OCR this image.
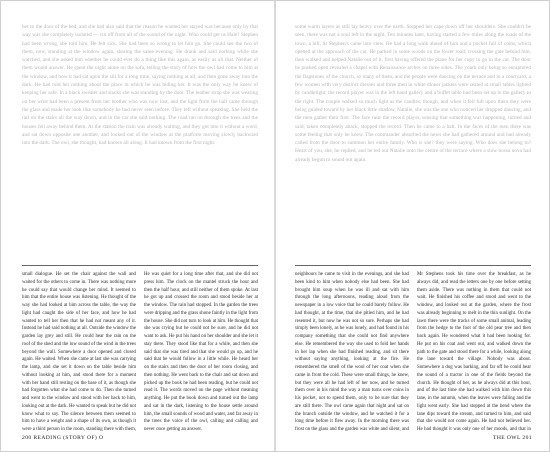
her to the door of the bed, and she had also said that the reason he wanted her stayed was because only by that way was she completely isolated — cut off from all of the sound of the night. Who could get us Hale? Stephen had been wrong, she told him. He felt sick. She had been so wrong to let him go. She could see the two of them, now, standing at the window again, sharing the same evening. He drank and said nothing while she watched, and she asked him whether he could ever do a thing like this again, as easily as all that. Neither of them would answer. He spent the night alone on the sofa, telling the story of how the owl had come to him at the window, and how it had sat upon the sill for a long time, saying nothing at all, and then gone away into the dark. He had told her nothing about the place in which he was hiding her. It was the only way he knew of keeping her safe. In a black sweater and slacks she was standing by the door. The leather strap she was wearing on her wrist had been a present from her brother who was now lost, and the light from the hall came through the glass and made her look like somebody he had never seen before. They left without speaking. She held the rail on the stairs all the way down, and in the car she said nothing. The road ran on through the trees and the houses fell away behind them. At the station the train was already waiting, and they got into it without a word, and sat down opposite one another, and looked out of the window at the platform moving slowly backward into the dark. The owl, she thought, had known all along. It had known from the first night.

small dialogue. He set the chair against the wall and waited for the others to come in. There was nothing more he could say that would change her mind. It seemed to him that the entire house was listening. He thought of the way she had looked at him across the table, the way the light had caught the side of her face, and how he had wanted to tell her then that he had not meant any of it. Instead he had said nothing at all. Outside the window the garden lay grey and still. He could hear the rain on the roof of the shed and the low sound of the wind in the trees beyond the wall. Somewhere a door opened and closed again. He waited. When she came at last she was carrying the lamp, and she set it down on the table beside him without looking at him, and stood there for a moment with her hand still resting on the base of it, as though she had forgotten what she had come to do. Then she turned and went to the window and stood with her back to him, looking out at the dark. He wanted to speak but he did not know what to say. The silence between them seemed to him to have a weight and a shape of its own, as though it were a third person in the room, standing there with them,

He was quiet for a long time after that, and she did not press him. The clock on the mantel struck the hour and then the half hour, and still neither of them spoke. At last he got up and crossed the room and stood beside her at the window. The rain had stopped. In the garden the trees were dripping and the grass shone faintly in the light from the house. She did not turn to look at him. He thought that she was crying but he could not be sure, and he did not want to ask. He put his hand on her shoulder and she let it stay there. They stood like that for a while, and then she said that she was tired and that she would go up, and he said that he would follow in a little while. He heard her on the stairs and then the door of her room closing, and then nothing. He went back to the chair and sat down and picked up the book he had been reading, but he could not read it. The words moved on the page without meaning anything. He put the book down and turned out the lamp and sat in the dark, listening to the house settle around him, the small sounds of wood and water, and far away in the trees the voice of the owl, calling and calling and never once getting an answer.

200 READING (STORY OF) O

some warm layers as still lay heavy over the earth. Stopped her cape down off her shoulders. She couldn't be seen, there was not a soul left in the night. Ten minutes later, having started a few miles along the roads of the town, a hill, St Stephen's came into view. He had a long walk ahead of him and a pocket full of coins, which opened at the approach of the car. He parked in some woods on the lower road, crossing the gate behind him, then walked and helped Natalie out of it, first having offered the plane for her copy to go in the car. The door he pushed open revealed a chapel with Renaissance arches on three sides. The youth only being so enraptured the flagstones of the church, so many of them, and the people were dancing on the terrace and in a courtyard, a few women with very distinct dresses and three men in white dinner jackets were seated at small tables lighted by candlelight; the record player was in the left hand gallery and a buffet table had been set up in the gallery to the right. The couple walked so much light as the candles, though, and when it fell full upon them they were being guided toward by her black little shadow, Natalie, she was the one who noticed her dropped dancing, and the men gather their first. The face near the record player, sensing that something was happening, turned and said, taken completely aback, stopped the record. Then he came to a halt. In the faces of the men there was some feeling that only he knew. The commander absorbed the news she had gathered around and had already called from the door to summon her entire family. Who is she? they were saying. Who does she belong to? Heart of you, she, he replied, and he led out Natalie onto the centre of the terrace where a slow bossa nova had already begun to sound out again.

neighbours he came to visit in the evenings, and she had been kind to him when nobody else had been. She had brought him soup when he was ill and sat with him through the long afternoons, reading aloud from the newspaper in a low voice that he could barely follow. He had thought, at the time, that she pitied him, and he had resented it, but now he was not so sure. Perhaps she had simply been lonely, as he was lonely, and had found in his company something that she could not find anywhere else. He remembered the way she used to fold her hands in her lap when she had finished reading, and sit there without saying anything, looking at the fire. He remembered the smell of the wool of her coat when she came in from the cold. These were small things, he knew, but they were all he had left of her now, and he turned them over in his mind the way a man turns over coins in his pocket, not to spend them, only to be sure that they are still there. The owl came again that night and sat on the branch outside the window, and he watched it for a long time before it flew away. In the morning there was frost on the glass and the garden was white and silent, and

Mr Stephens took his time over the breakfast, as he always did, and read the letters one by one before setting them aside. There was nothing in them that could not wait. He finished his coffee and stood and went to the window, and looked out at the garden, where the frost was already beginning to melt in the thin sunlight. On the lawn there were the tracks of some small animal, leading from the hedge to the foot of the old pear tree and then back again. He wondered what it had been looking for. He put on his coat and went out, and walked down the path to the gate and stood there for a while, looking along the lane toward the village. Nobody was about. Somewhere a dog was barking, and far off he could hear the sound of a tractor in one of the fields beyond the church. He thought of her, as he always did at this hour, and of the last time she had walked with him down this lane, in the autumn, when the leaves were falling and the light went early. She had stopped at the bend where the lane dips toward the stream, and turned to him, and said that she would not come again. He had not believed her. He had thought it was only one of her moods, and that in

THE OWL 201
